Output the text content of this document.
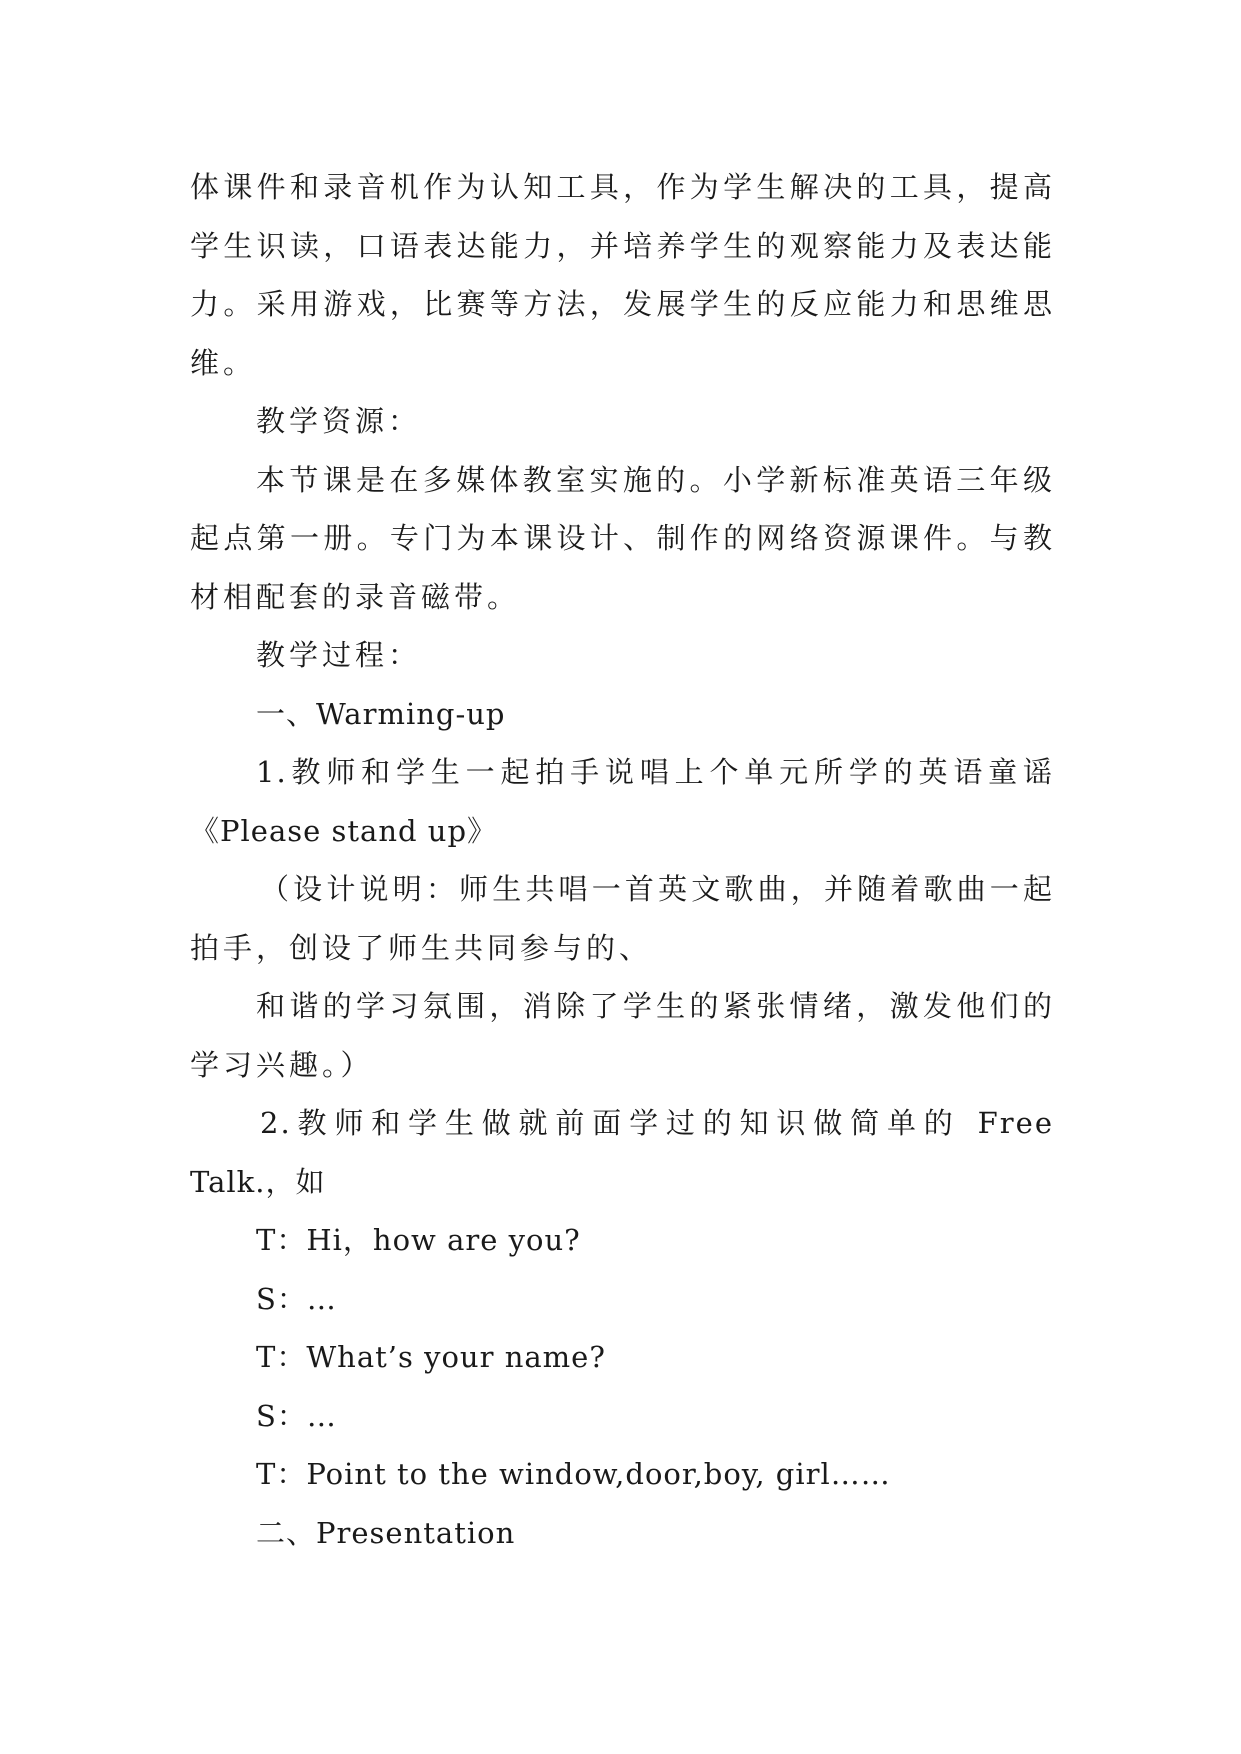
体课件和录音机作为认知工具，作为学生解决的工具，提高
学生识读，口语表达能力，并培养学生的观察能力及表达能
力。采用游戏，比赛等方法，发展学生的反应能力和思维思
维。
教学资源：
本节课是在多媒体教室实施的。小学新标准英语三年级
起点第一册。专门为本课设计、制作的网络资源课件。与教
材相配套的录音磁带。
教学过程：
一、Warming-up
1.教师和学生一起拍手说唱上个单元所学的英语童谣
《Please stand up》
（设计说明：师生共唱一首英文歌曲，并随着歌曲一起
拍手，创设了师生共同参与的、
和谐的学习氛围，消除了学生的紧张情绪，激发他们的
学习兴趣。）
2.教师和学生做就前面学过的知识做简单的 Free
Talk.，如
T：Hi，how are you?
S：…
T：What’s your name?
S：…
T：Point to the window,door,boy, girl……
二、Presentation
